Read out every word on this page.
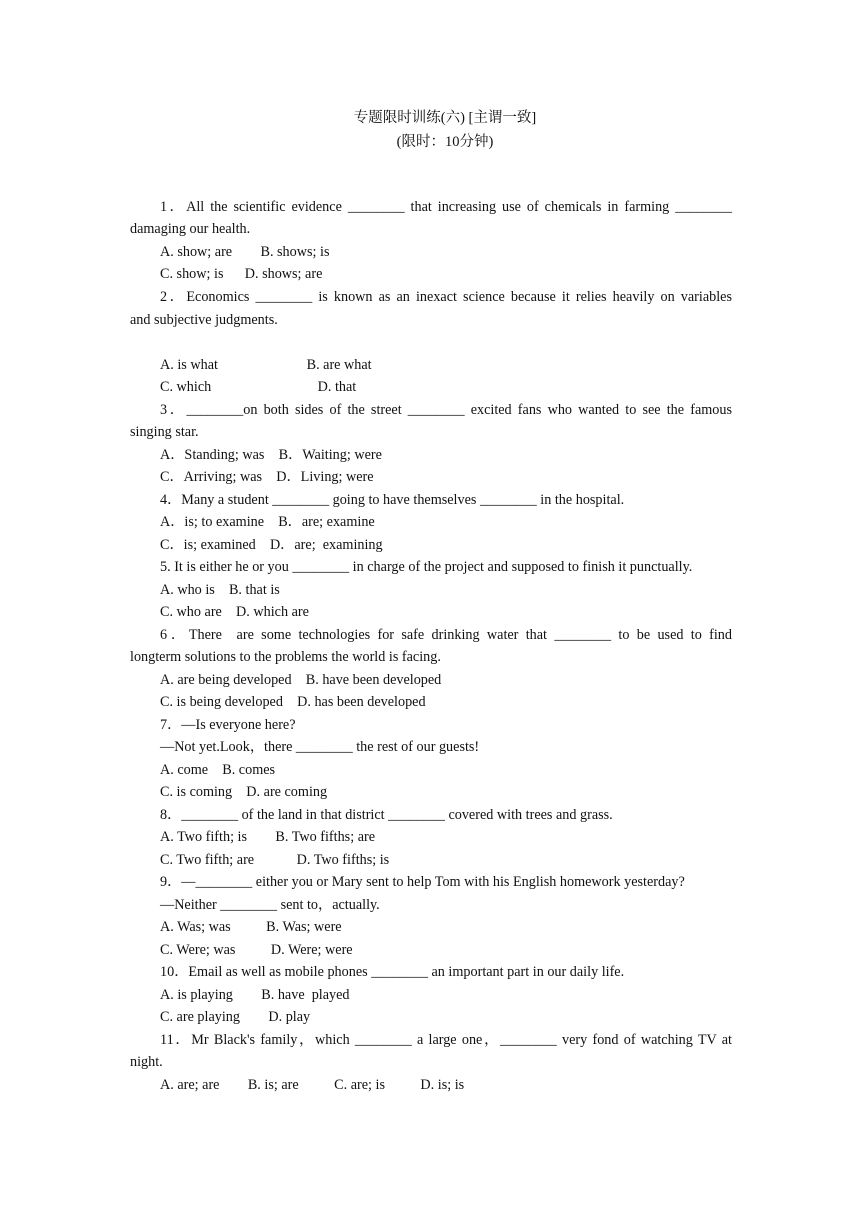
专题限时训练(六) [主谓一致]
(限时：10分钟)
1．All the scientific evidence ________ that increasing use of chemicals in farming ________
damaging our health.
A. show; are        B. shows; is
C. show; is      D. shows; are
2．Economics ________ is known as an inexact science because it relies heavily on variables
and subjective judgments.
A. is what                         B. are what
C. which                              D. that
3．________on both sides of the street ________ excited fans who wanted to see the famous
singing star.
A．Standing; was    B．Waiting; were
C．Arriving; was    D．Living; were
4．Many a student ________ going to have themselves ________ in the hospital.
A．is; to examine    B．are; examine
C．is; examined    D．are;  examining
5. It is either he or you ________ in charge of the project and supposed to finish it punctually.
A. who is    B. that is
C. who are    D. which are
6．There  are some technologies for safe drinking water that ________ to be used to find
longterm solutions to the problems the world is facing.
A. are being developed    B. have been developed
C. is being developed    D. has been developed
7．—Is everyone here?
—Not yet.Look，there ________ the rest of our guests!
A. come    B. comes
C. is coming    D. are coming
8．________ of the land in that district ________ covered with trees and grass.
A. Two fifth; is        B. Two fifths; are
C. Two fifth; are            D. Two fifths; is
9．—________ either you or Mary sent to help Tom with his English homework yesterday?
—Neither ________ sent to，actually.
A. Was; was          B. Was; were
C. Were; was          D. Were; were
10．Email as well as mobile phones ________ an important part in our daily life.
A. is playing        B. have  played
C. are playing        D. play
11．Mr Black's family，which ________ a large one，________ very fond of watching TV at
night.
A. are; are        B. is; are          C. are; is          D. is; is
